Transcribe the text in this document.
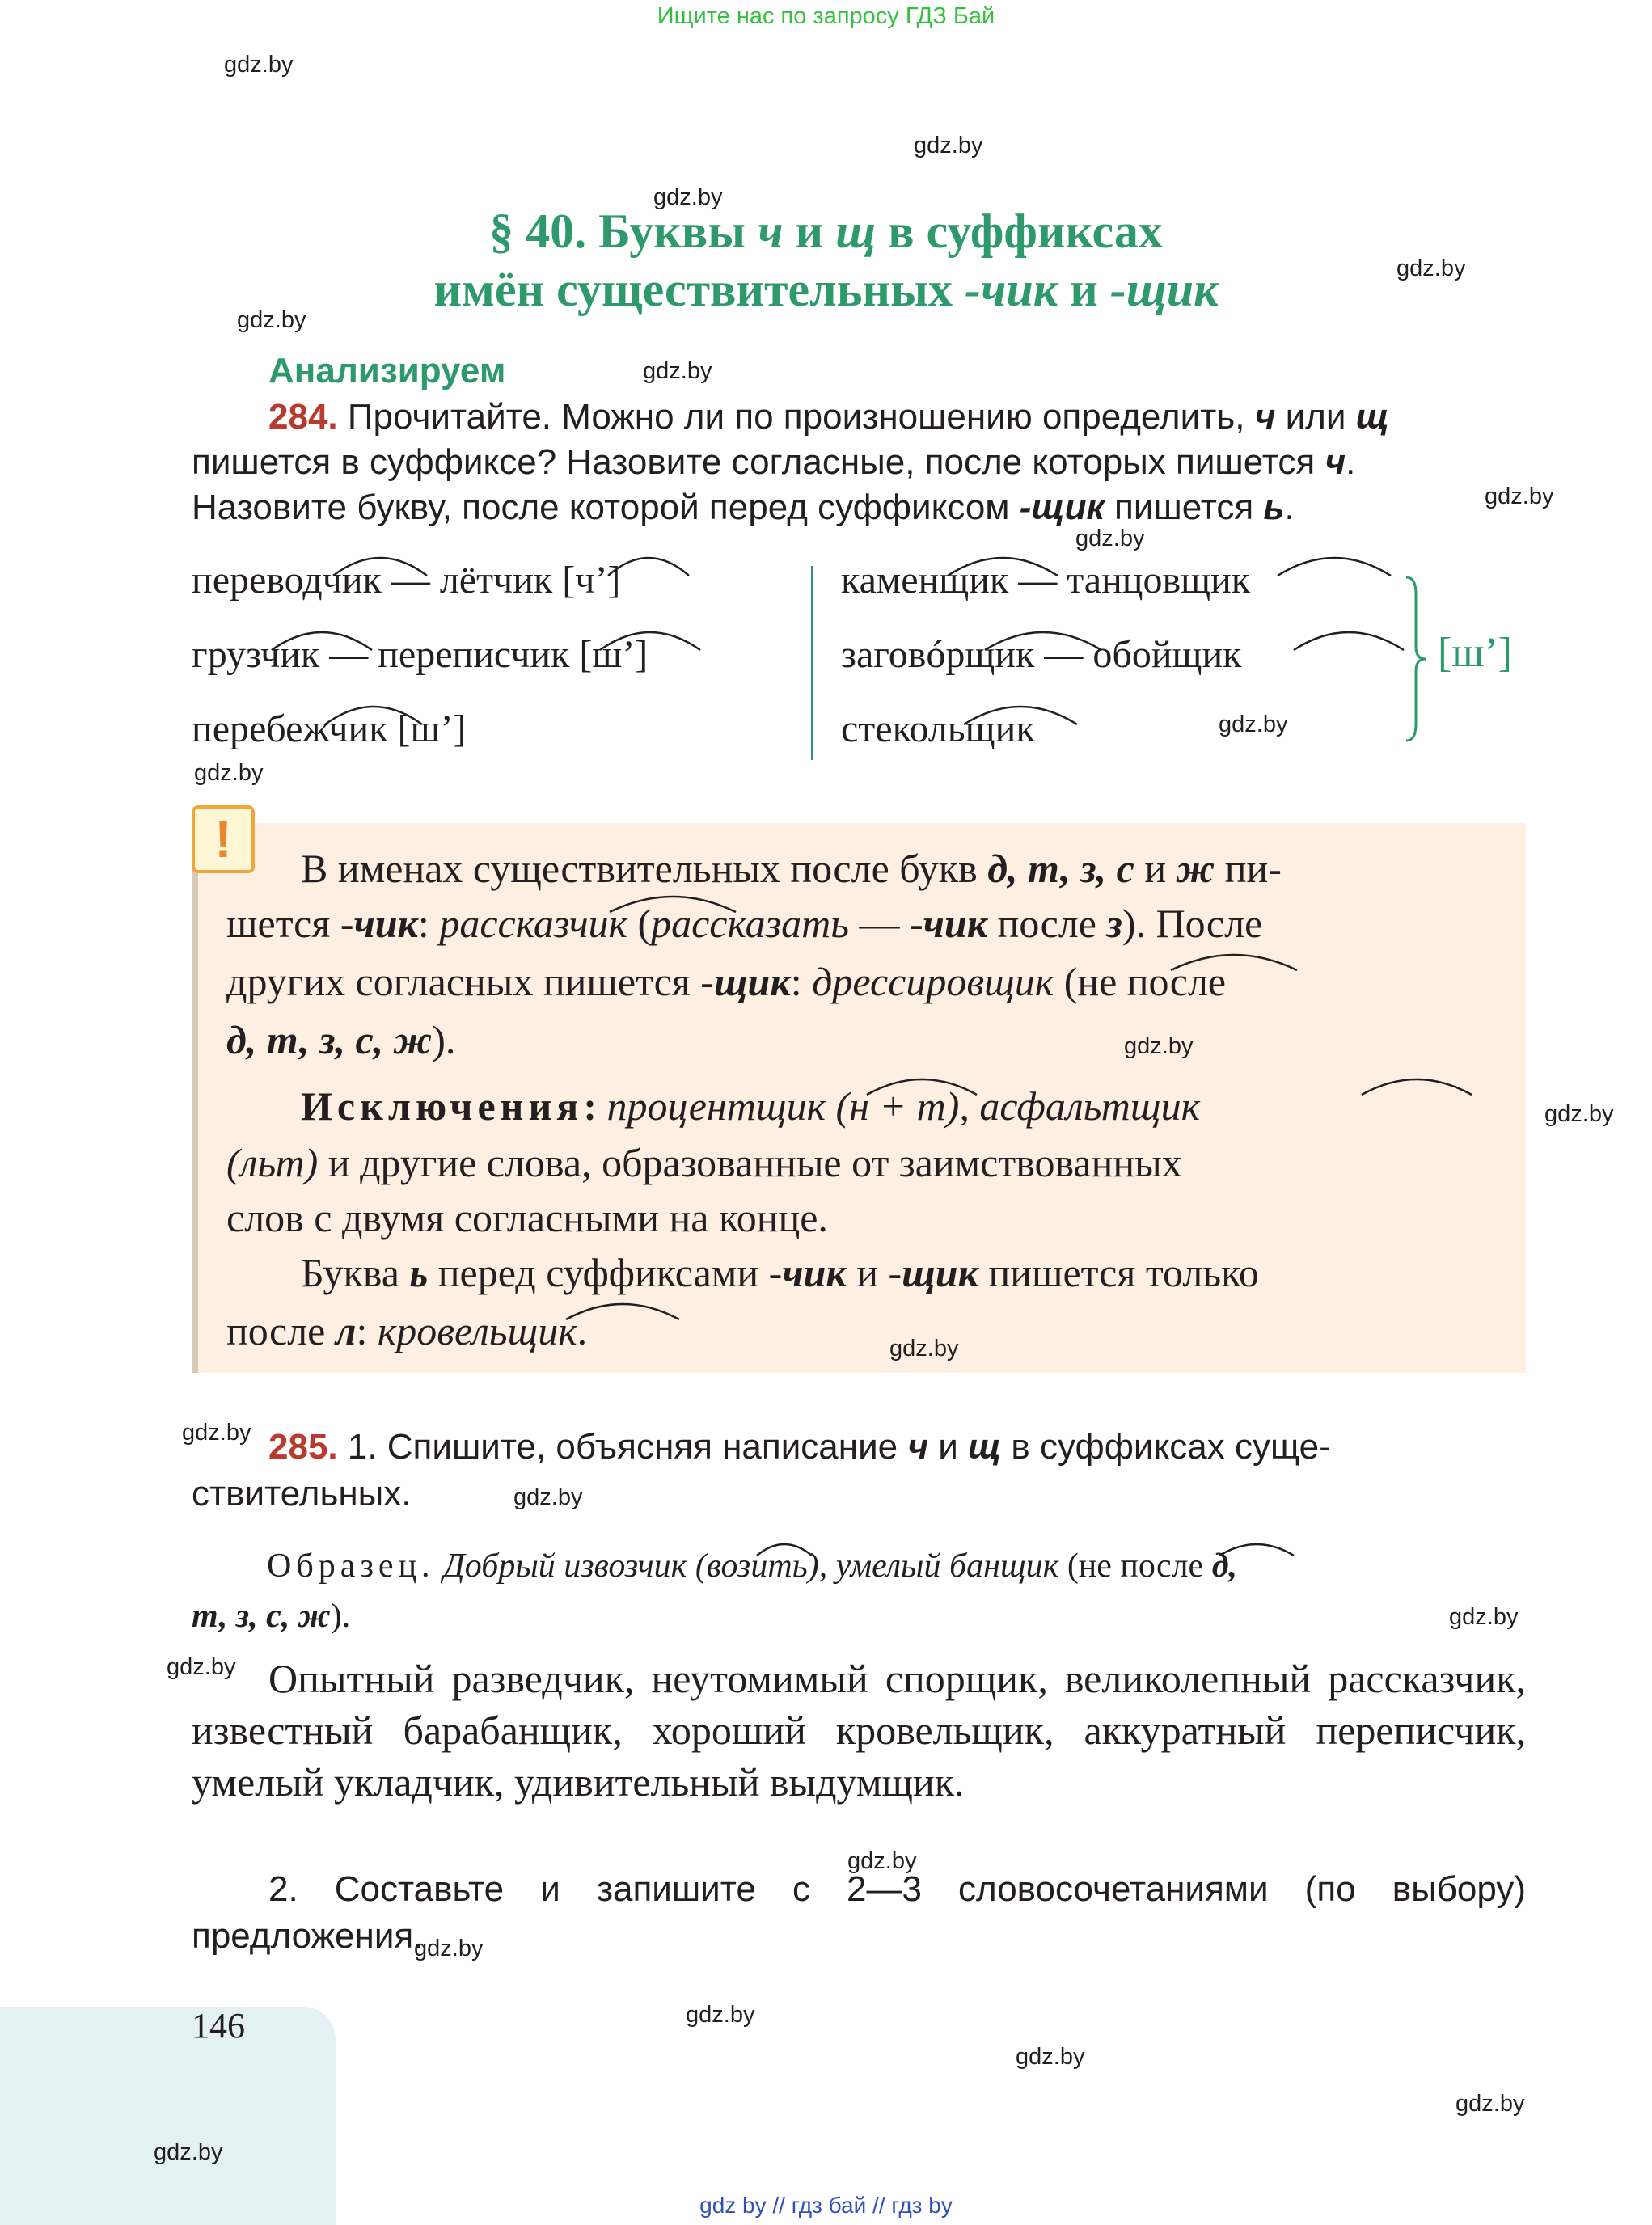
Ищите нас по запросу ГДЗ Бай
gdz.by
gdz.by
gdz.by
gdz.by
gdz.by
gdz.by
gdz.by
gdz.by
gdz.by
gdz.by
§ 40. Буквы ч и щ в суффиксах
имён существительных -чик и -щик
Анализируем
284. Прочитайте. Можно ли по произношению определить, ч или щ
пишется в суффиксе? Назовите согласные, после которых пишется ч.
Назовите букву, после которой перед суффиксом -щик пишется ь.
переводчик — лётчик [ч’]
грузчик — переписчик [ш’]
перебежчик [ш’]
каменщик — танцовщик
заговóрщик — обойщик
стекольщик
[ш’]
!	В именах существительных после букв д, т, з, с и ж пи-
шется -чик: рассказчик (рассказать — -чик после з). После
других согласных пишется -щик: дрессировщик (не после
д, т, з, с, ж).
Исключения: процентщик (н + т), асфальтщик
(льт) и другие слова, образованные от заимствованных
слов с двумя согласными на конце.
Буква ь перед суффиксами -чик и -щик пишется только
после л: кровельщик.
gdz.by
gdz.by
gdz.by
gdz.by 285. 1. Спишите, объясняя написание ч и щ в суффиксах суще-
ствительных.	gdz.by
Образец. Добрый извозчик (возить), умелый банщик (не после д,
т, з, с, ж).	gdz.by
gdz.by Опытный разведчик, неутомимый спорщик, великолепный рассказчик, известный барабанщик, хороший кровельщик, аккуратный переписчик, умелый укладчик, удивительный выдумщик.
gdz.by
2. Составьте и запишите с 2—3 словосочетаниями (по выбору) предложения.
gdz.by
146	gdz.by
gdz.by
gdz.by
gdz.by
gdz by // гдз бай // гдз by
